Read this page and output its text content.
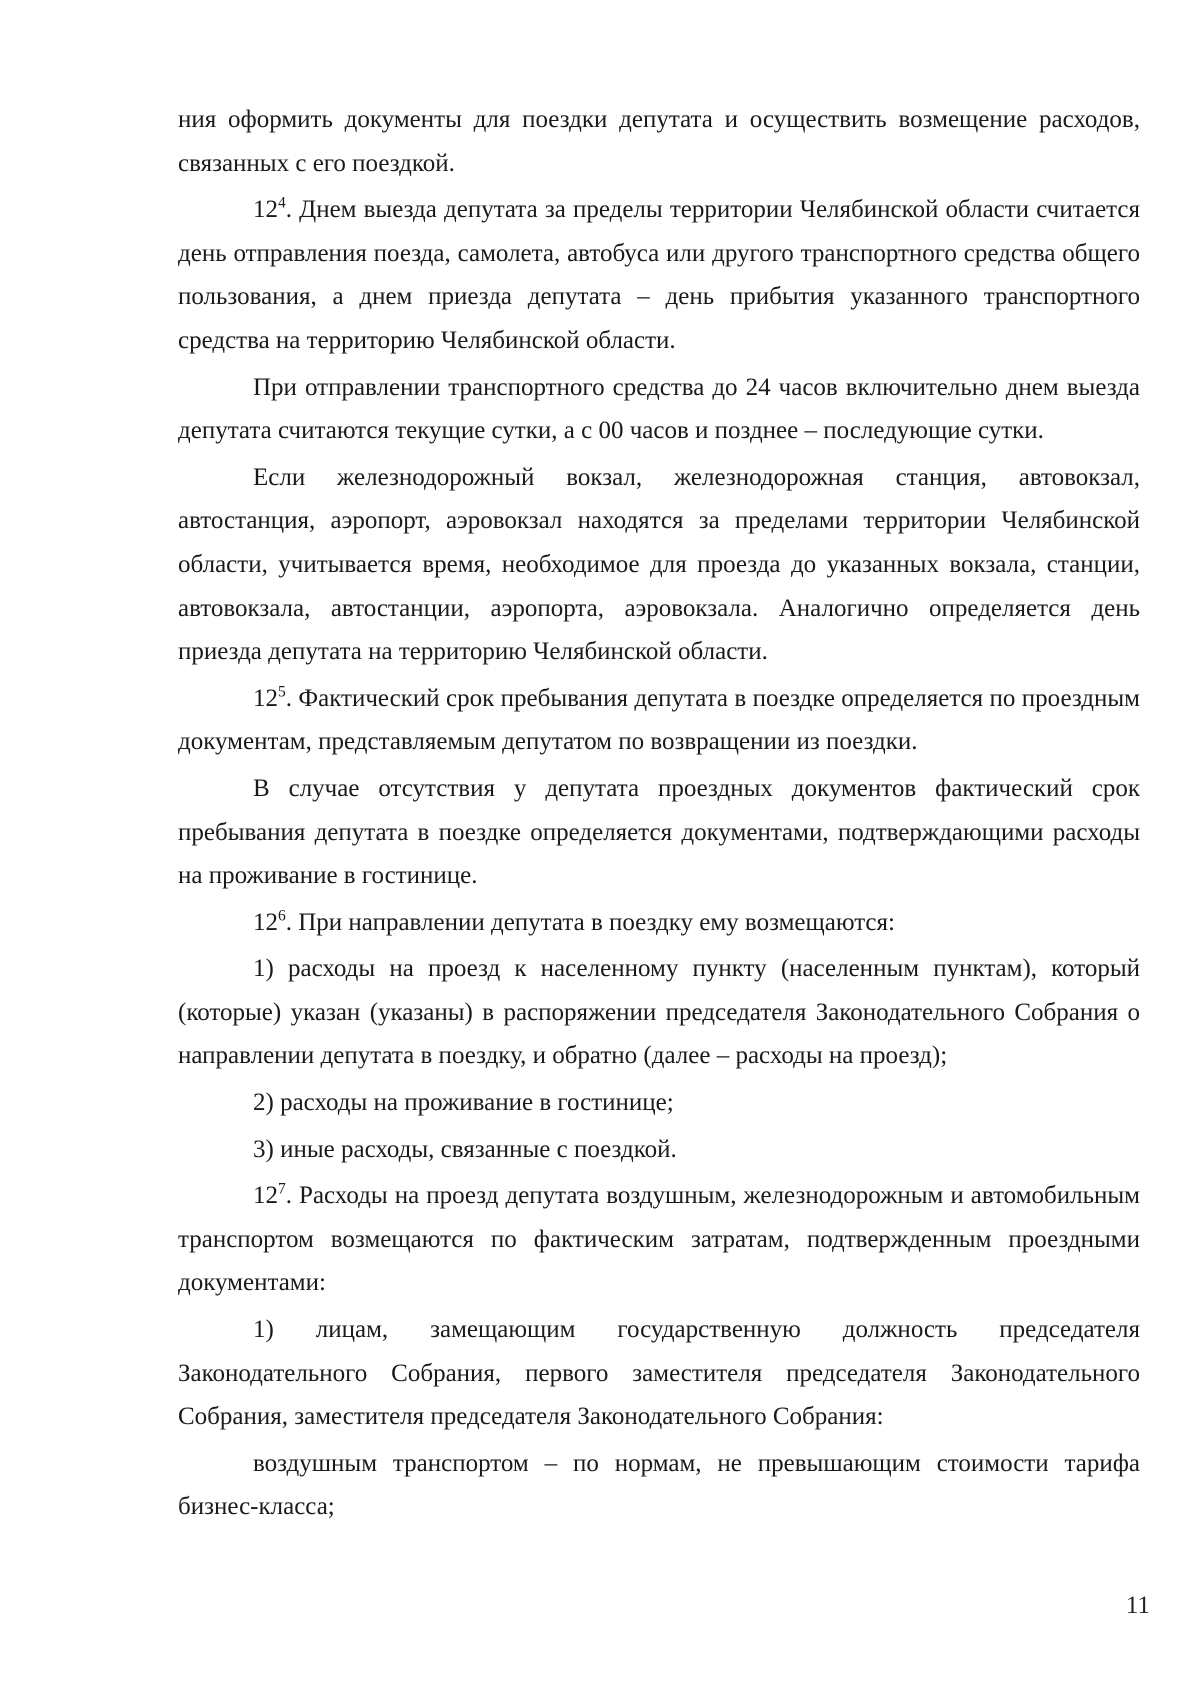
ния оформить документы для поездки депутата и осуществить возмещение расходов, связанных с его поездкой.

$12^4$. Днем выезда депутата за пределы территории Челябинской области считается день отправления поезда, самолета, автобуса или другого транспортного средства общего пользования, а днем приезда депутата – день прибытия указанного транспортного средства на территорию Челябинской области.

При отправлении транспортного средства до 24 часов включительно днем выезда депутата считаются текущие сутки, а с 00 часов и позднее – последующие сутки.

Если железнодорожный вокзал, железнодорожная станция, автовокзал, автостанция, аэропорт, аэровокзал находятся за пределами территории Челябинской области, учитывается время, необходимое для проезда до указанных вокзала, станции, автовокзала, автостанции, аэропорта, аэровокзала. Аналогично определяется день приезда депутата на территорию Челябинской области.

$12^5$. Фактический срок пребывания депутата в поездке определяется по проездным документам, представляемым депутатом по возвращении из поездки.

В случае отсутствия у депутата проездных документов фактический срок пребывания депутата в поездке определяется документами, подтверждающими расходы на проживание в гостинице.

$12^6$. При направлении депутата в поездку ему возмещаются:

1) расходы на проезд к населенному пункту (населенным пунктам), который (которые) указан (указаны) в распоряжении председателя Законодательного Собрания о направлении депутата в поездку, и обратно (далее – расходы на проезд);

2) расходы на проживание в гостинице;

3) иные расходы, связанные с поездкой.

$12^7$. Расходы на проезд депутата воздушным, железнодорожным и автомобильным транспортом возмещаются по фактическим затратам, подтвержденным проездными документами:

1) лицам, замещающим государственную должность председателя Законодательного Собрания, первого заместителя председателя Законодательного Собрания, заместителя председателя Законодательного Собрания:

воздушным транспортом – по нормам, не превышающим стоимости тарифа бизнес-класса;

11
